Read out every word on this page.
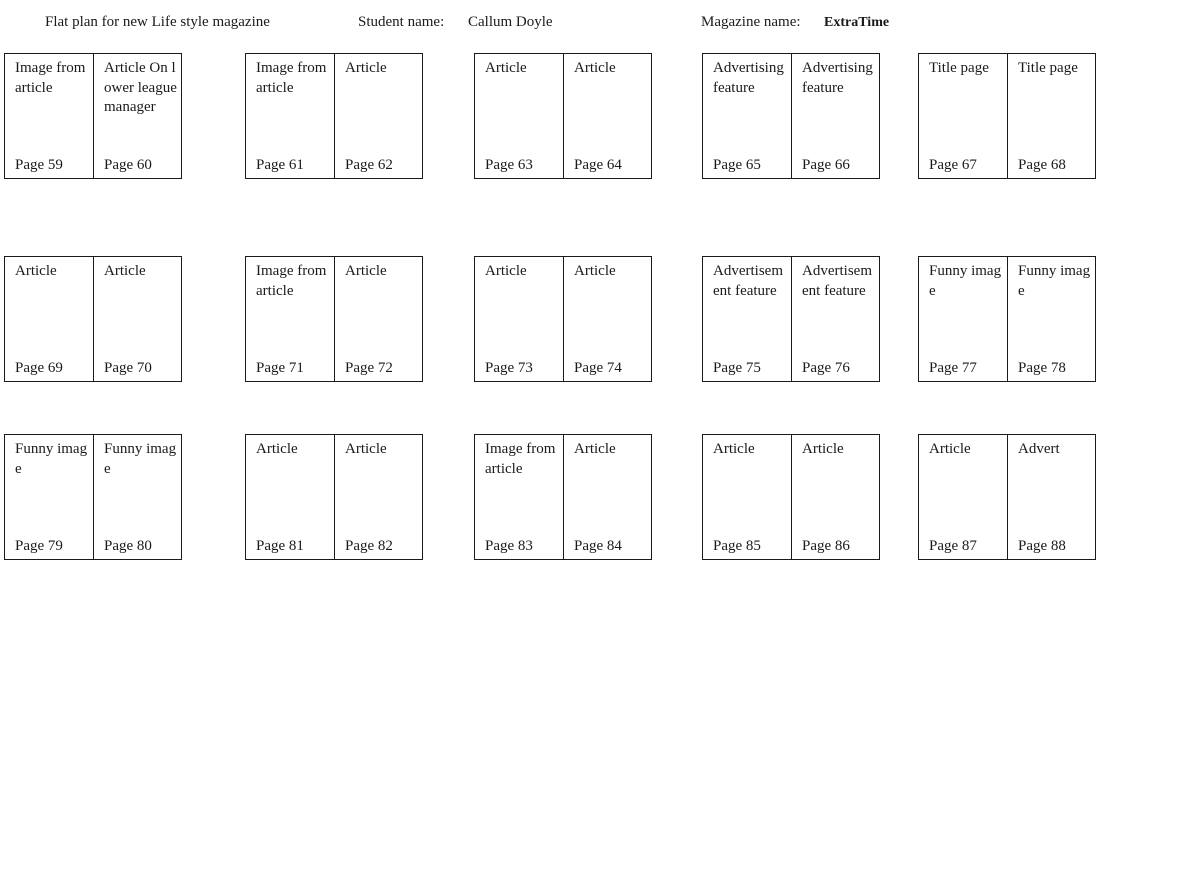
Flat plan for new Life style magazine	Student name: Callum Doyle	Magazine name: ExtraTime
Image from article
Page 59
Article On lower league manager
Page 60
Image from article
Page 61
Article
Page 62
Article
Page 63
Article
Page 64
Advertising feature
Page 65
Advertising feature
Page 66
Title page
Page 67
Title page
Page 68
Article
Page 69
Article
Page 70
Image from article
Page 71
Article
Page 72
Article
Page 73
Article
Page 74
Advertisement feature
Page 75
Advertisement feature
Page 76
Funny image
Page 77
Funny image
Page 78
Funny image
Page 79
Funny image
Page 80
Article
Page 81
Article
Page 82
Image from article
Page 83
Article
Page 84
Article
Page 85
Article
Page 86
Article
Page 87
Advert
Page 88
